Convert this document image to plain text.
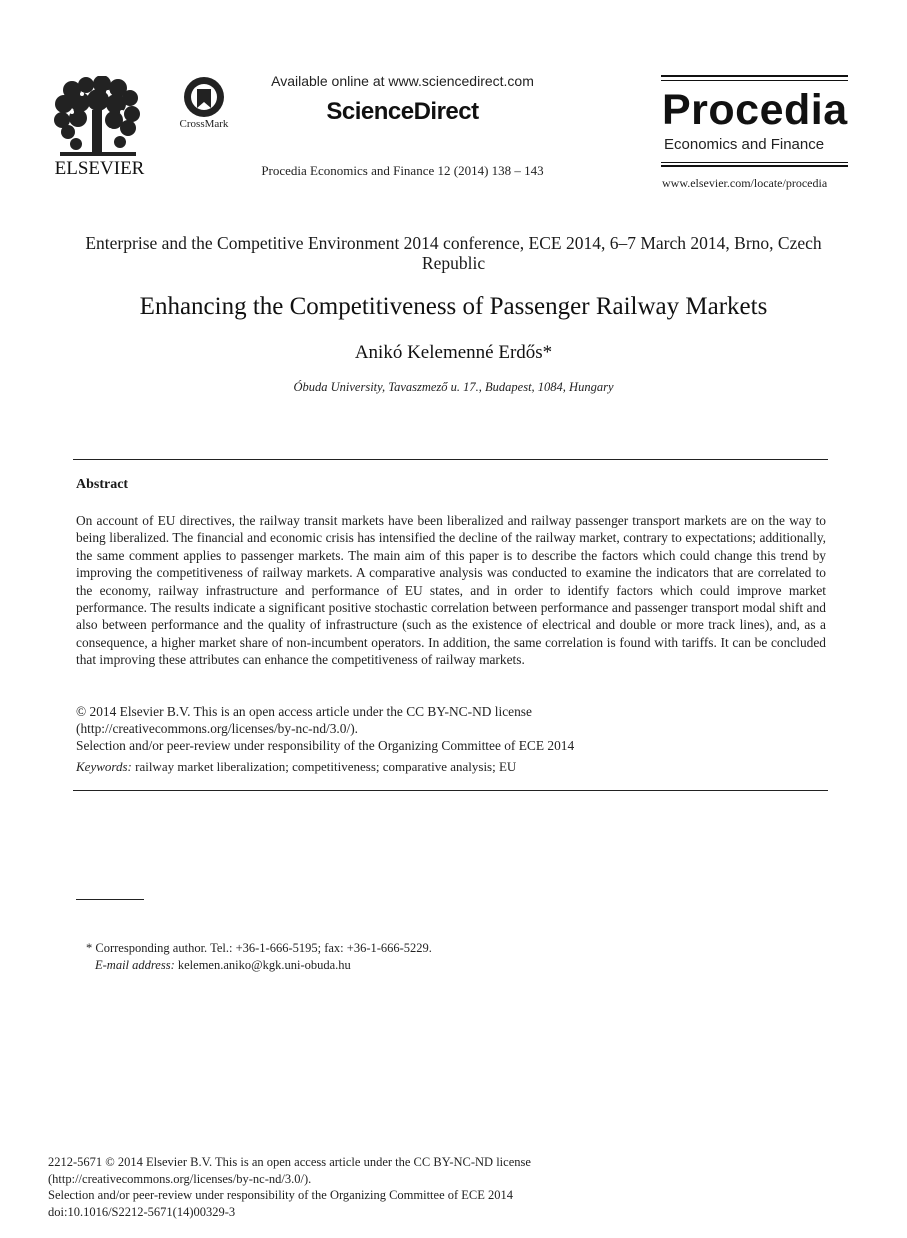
ELSEVIER
CrossMark
Available online at www.sciencedirect.com
ScienceDirect
Procedia Economics and Finance 12 (2014) 138 – 143
Procedia
Economics and Finance
www.elsevier.com/locate/procedia
Enterprise and the Competitive Environment 2014 conference, ECE 2014, 6–7 March 2014, Brno, Czech Republic
Enhancing the Competitiveness of Passenger Railway Markets
Anikó Kelemenné Erdős*
Óbuda University, Tavaszmező u. 17., Budapest, 1084, Hungary
Abstract
On account of EU directives, the railway transit markets have been liberalized and railway passenger transport markets are on the way to being liberalized. The financial and economic crisis has intensified the decline of the railway market, contrary to expectations; additionally, the same comment applies to passenger markets. The main aim of this paper is to describe the factors which could change this trend by improving the competitiveness of railway markets. A comparative analysis was conducted to examine the indicators that are correlated to the economy, railway infrastructure and performance of EU states, and in order to identify factors which could improve market performance. The results indicate a significant positive stochastic correlation between performance and passenger transport modal shift and also between performance and the quality of infrastructure (such as the existence of electrical and double or more track lines), and, as a consequence, a higher market share of non-incumbent operators. In addition, the same correlation is found with tariffs. It can be concluded that improving these attributes can enhance the competitiveness of railway markets.
© 2014 Elsevier B.V. This is an open access article under the CC BY-NC-ND license
(http://creativecommons.org/licenses/by-nc-nd/3.0/).
Selection and/or peer-review under responsibility of the Organizing Committee of ECE 2014
Keywords: railway market liberalization; competitiveness; comparative analysis; EU
* Corresponding author. Tel.: +36-1-666-5195; fax: +36-1-666-5229.
E-mail address: kelemen.aniko@kgk.uni-obuda.hu
2212-5671 © 2014 Elsevier B.V. This is an open access article under the CC BY-NC-ND license
(http://creativecommons.org/licenses/by-nc-nd/3.0/).
Selection and/or peer-review under responsibility of the Organizing Committee of ECE 2014
doi:10.1016/S2212-5671(14)00329-3
